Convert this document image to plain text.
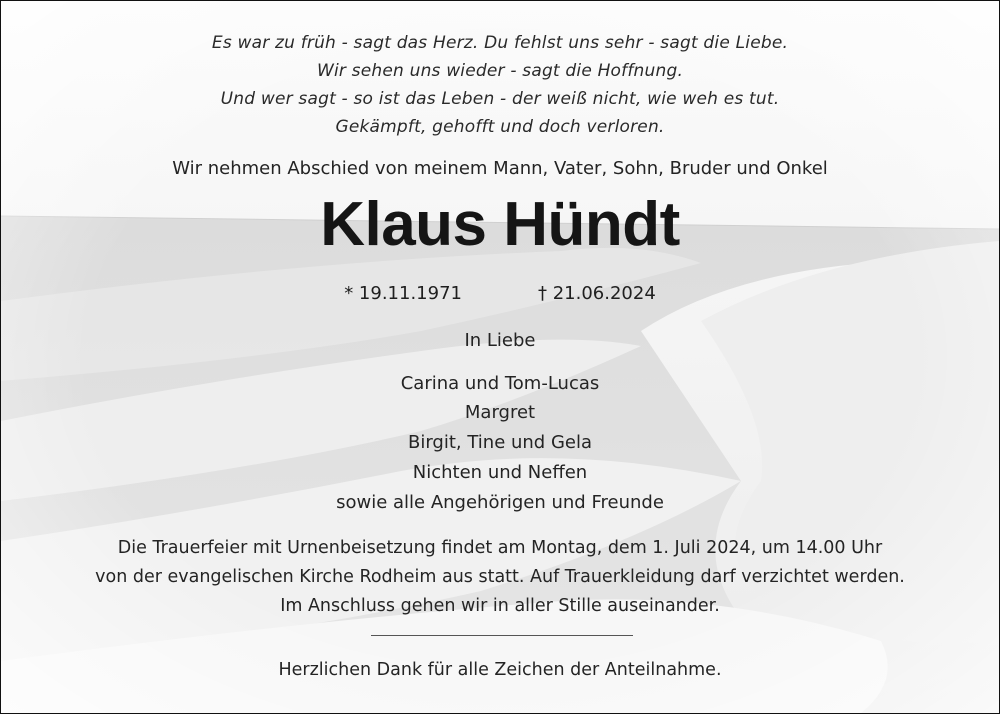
Es war zu früh - sagt das Herz. Du fehlst uns sehr - sagt die Liebe.
Wir sehen uns wieder - sagt die Hoffnung.
Und wer sagt - so ist das Leben - der weiß nicht, wie weh es tut.
Gekämpft, gehofft und doch verloren.
Wir nehmen Abschied von meinem Mann, Vater, Sohn, Bruder und Onkel
Klaus Hündt
* 19.11.1971	† 21.06.2024
In Liebe
Carina und Tom-Lucas
Margret
Birgit, Tine und Gela
Nichten und Neffen
sowie alle Angehörigen und Freunde
Die Trauerfeier mit Urnenbeisetzung findet am Montag, dem 1. Juli 2024, um 14.00 Uhr
von der evangelischen Kirche Rodheim aus statt. Auf Trauerkleidung darf verzichtet werden.
Im Anschluss gehen wir in aller Stille auseinander.
Herzlichen Dank für alle Zeichen der Anteilnahme.
